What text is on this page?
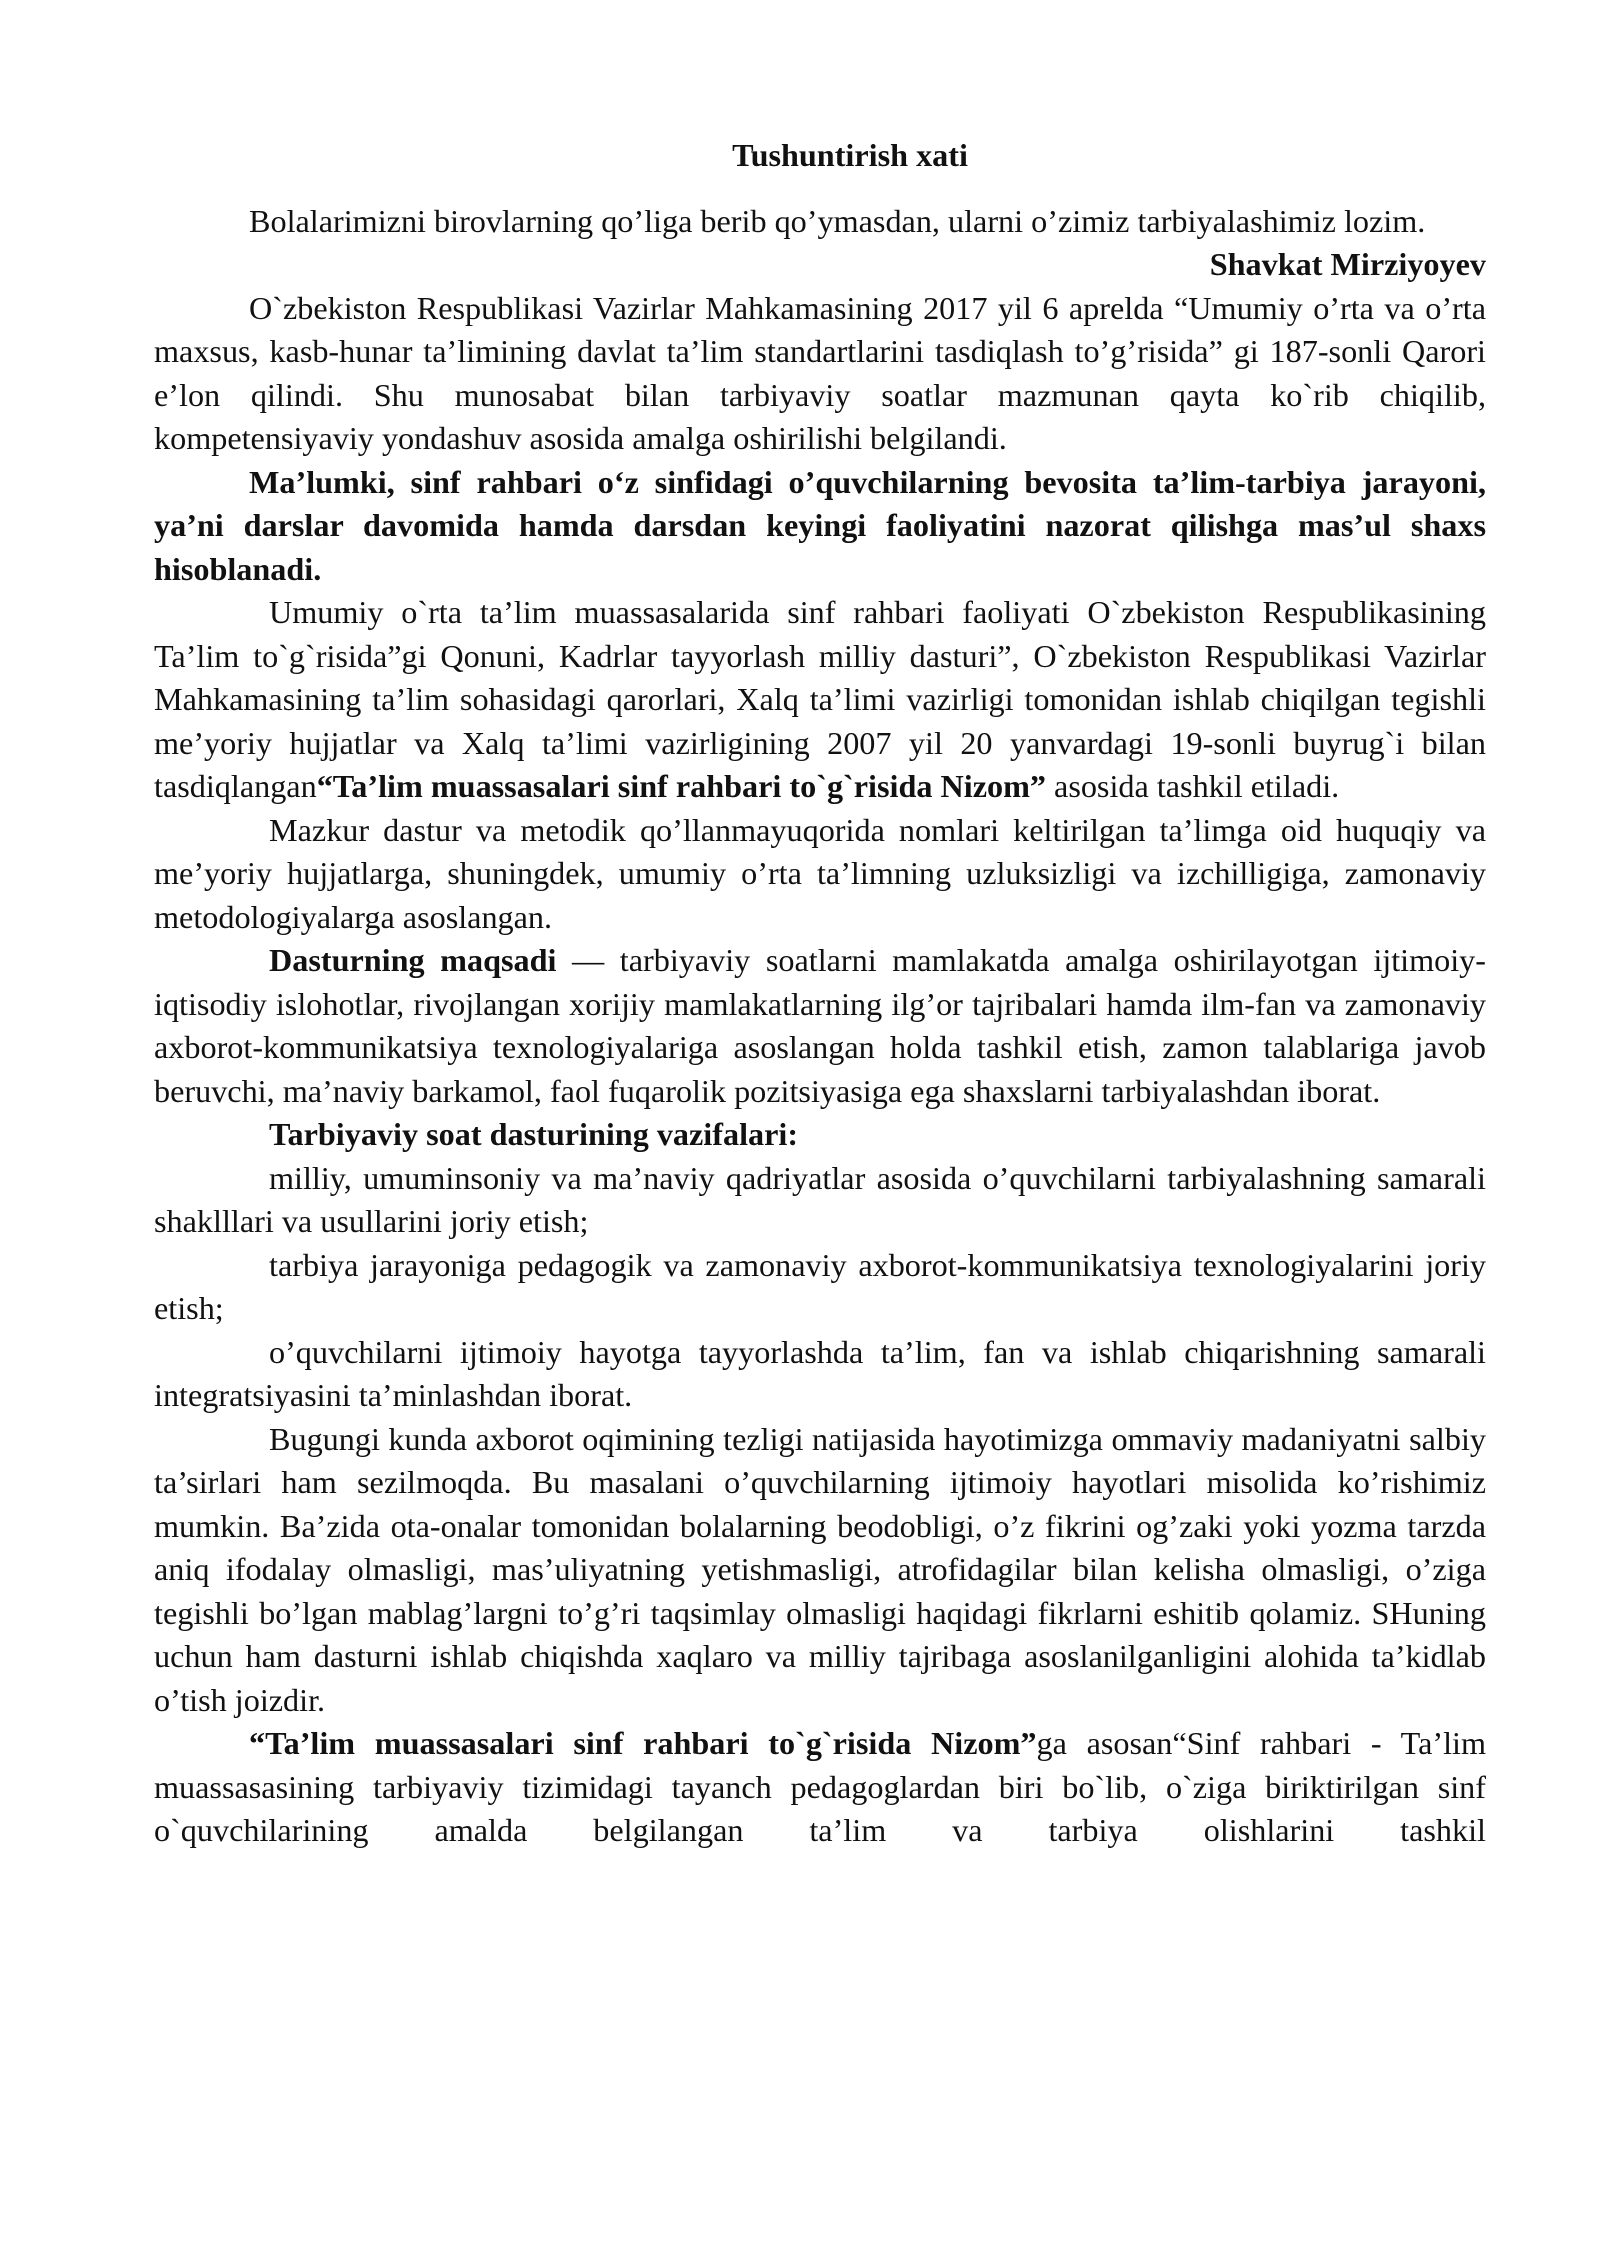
Tushuntirish xati

Bolalarimizni birovlarning qo’liga berib qo’ymasdan, ularni o’zimiz tarbiyalashimiz lozim.

Shavkat Mirziyoyev

O`zbekiston Respublikasi Vazirlar Mahkamasining 2017 yil 6 aprelda “Umumiy o’rta va o’rta maxsus, kasb-hunar ta’limining davlat ta’lim standartlarini tasdiqlash to’g’risida” gi 187-sonli Qarori e’lon qilindi. Shu munosabat bilan tarbiyaviy soatlar mazmunan qayta ko`rib chiqilib, kompetensiyaviy yondashuv asosida amalga oshirilishi belgilandi.

Ma’lumki, sinf rahbari o‘z sinfidagi o’quvchilarning bevosita ta’lim-tarbiya jarayoni, ya’ni darslar davomida hamda darsdan keyingi faoliyatini nazorat qilishga mas’ul shaxs hisoblanadi.

Umumiy o`rta ta’lim muassasalarida sinf rahbari faoliyati O`zbekiston Respublikasining Ta’lim to`g`risida”gi Qonuni, Kadrlar tayyorlash milliy dasturi”, O`zbekiston Respublikasi Vazirlar Mahkamasining ta’lim sohasidagi qarorlari, Xalq ta’limi vazirligi tomonidan ishlab chiqilgan tegishli me’yoriy hujjatlar va Xalq ta’limi vazirligining 2007 yil 20 yanvardagi 19-sonli buyrug`i bilan tasdiqlangan“Ta’lim muassasalari sinf rahbari to`g`risida Nizom” asosida tashkil etiladi.

Mazkur dastur va metodik qo’llanmayuqorida nomlari keltirilgan ta’limga oid huquqiy va me’yoriy hujjatlarga, shuningdek, umumiy o’rta ta’limning uzluksizligi va izchilligiga, zamonaviy metodologiyalarga asoslangan.

Dasturning maqsadi — tarbiyaviy soatlarni mamlakatda amalga oshirilayotgan ijtimoiy-iqtisodiy islohotlar, rivojlangan xorijiy mamlakatlarning ilg’or tajribalari hamda ilm-fan va zamonaviy axborot-kommunikatsiya texnologiyalariga asoslangan holda tashkil etish, zamon talablariga javob beruvchi, ma’naviy barkamol, faol fuqarolik pozitsiyasiga ega shaxslarni tarbiyalashdan iborat.

Tarbiyaviy soat dasturining vazifalari:

milliy, umuminsoniy va ma’naviy qadriyatlar asosida o’quvchilarni tarbiyalashning samarali shaklllari va usullarini joriy etish;

tarbiya jarayoniga pedagogik va zamonaviy axborot-kommunikatsiya texnologiyalarini joriy etish;

o’quvchilarni ijtimoiy hayotga tayyorlashda ta’lim, fan va ishlab chiqarishning samarali integratsiyasini ta’minlashdan iborat.

Bugungi kunda axborot oqimining tezligi natijasida hayotimizga ommaviy madaniyatni salbiy ta’sirlari ham sezilmoqda. Bu masalani o’quvchilarning ijtimoiy hayotlari misolida ko’rishimiz mumkin. Ba’zida ota-onalar tomonidan bolalarning beodobligi, o’z fikrini og’zaki yoki yozma tarzda aniq ifodalay olmasligi, mas’uliyatning yetishmasligi, atrofidagilar bilan kelisha olmasligi, o’ziga tegishli bo’lgan mablag’largni to’g’ri taqsimlay olmasligi haqidagi fikrlarni eshitib qolamiz. SHuning uchun ham dasturni ishlab chiqishda xaqlaro va milliy tajribaga asoslanilganligini alohida ta’kidlab o’tish joizdir.

“Ta’lim muassasalari sinf rahbari to`g`risida Nizom”ga asosan“Sinf rahbari - Ta’lim muassasasining tarbiyaviy tizimidagi tayanch pedagoglardan biri bo`lib, o`ziga biriktirilgan sinf o`quvchilarining amalda belgilangan ta’lim va tarbiya olishlarini tashkil
